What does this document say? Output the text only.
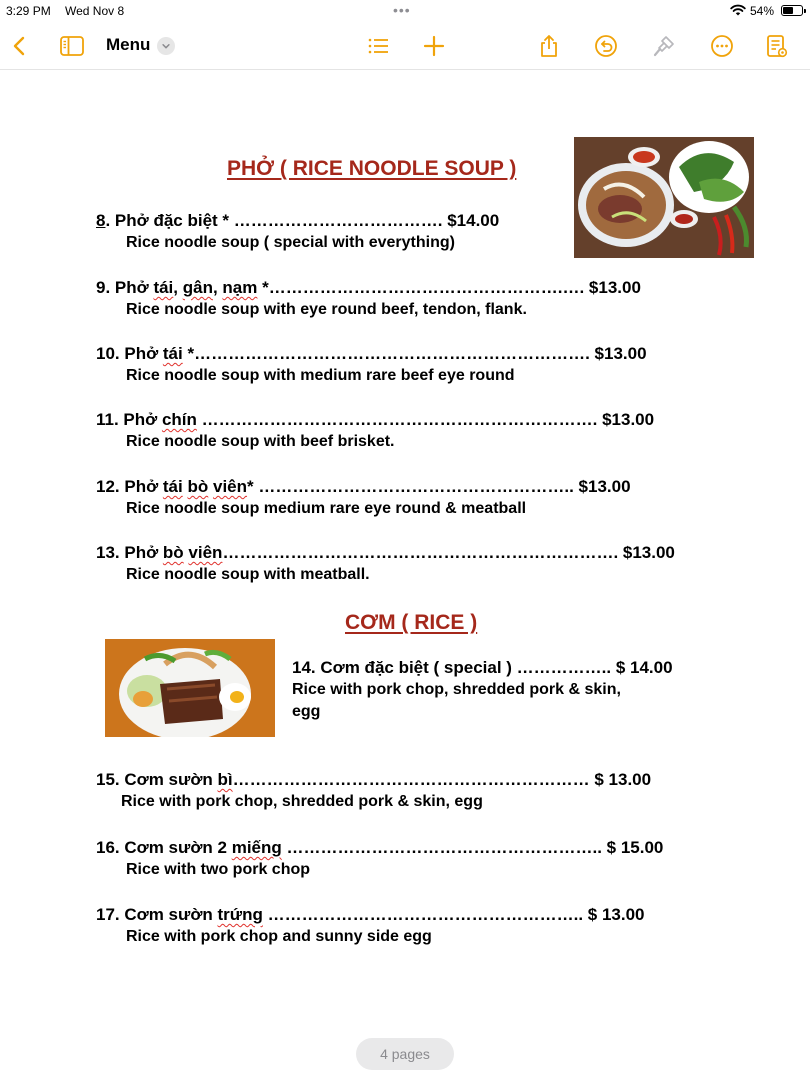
3:29 PM Wed Nov 8	•••	54%
Menu
PHỞ ( RICE NOODLE SOUP )
8. Phở đặc biệt * ………………………………. $14.00
Rice noodle soup ( special with everything)
9. Phở tái, gân, nạm *…………………………………………….…. $13.00
Rice noodle soup with eye round beef, tendon, flank.
10. Phở tái *……………………………………………………………. $13.00
Rice noodle soup with medium rare beef eye round
11. Phở chín ……………………………………………………………. $13.00
Rice noodle soup with beef brisket.
12. Phở tái bò viên* ……………………………………………….. $13.00
Rice noodle soup medium rare eye round & meatball
13. Phở bò viên……………………………………………………………. $13.00
Rice noodle soup with meatball.
CƠM ( RICE )
14. Cơm đặc biệt ( special ) …………….. $ 14.00
Rice with pork chop, shredded pork & skin,
egg
15. Cơm sườn bì……………………………………………………… $ 13.00
Rice with pork chop, shredded pork & skin, egg
16. Cơm sườn 2 miếng ……………………………………………….. $ 15.00
Rice with two pork chop
17. Cơm sườn trứng ……………………………………………….. $ 13.00
Rice with pork chop and sunny side egg
4 pages
